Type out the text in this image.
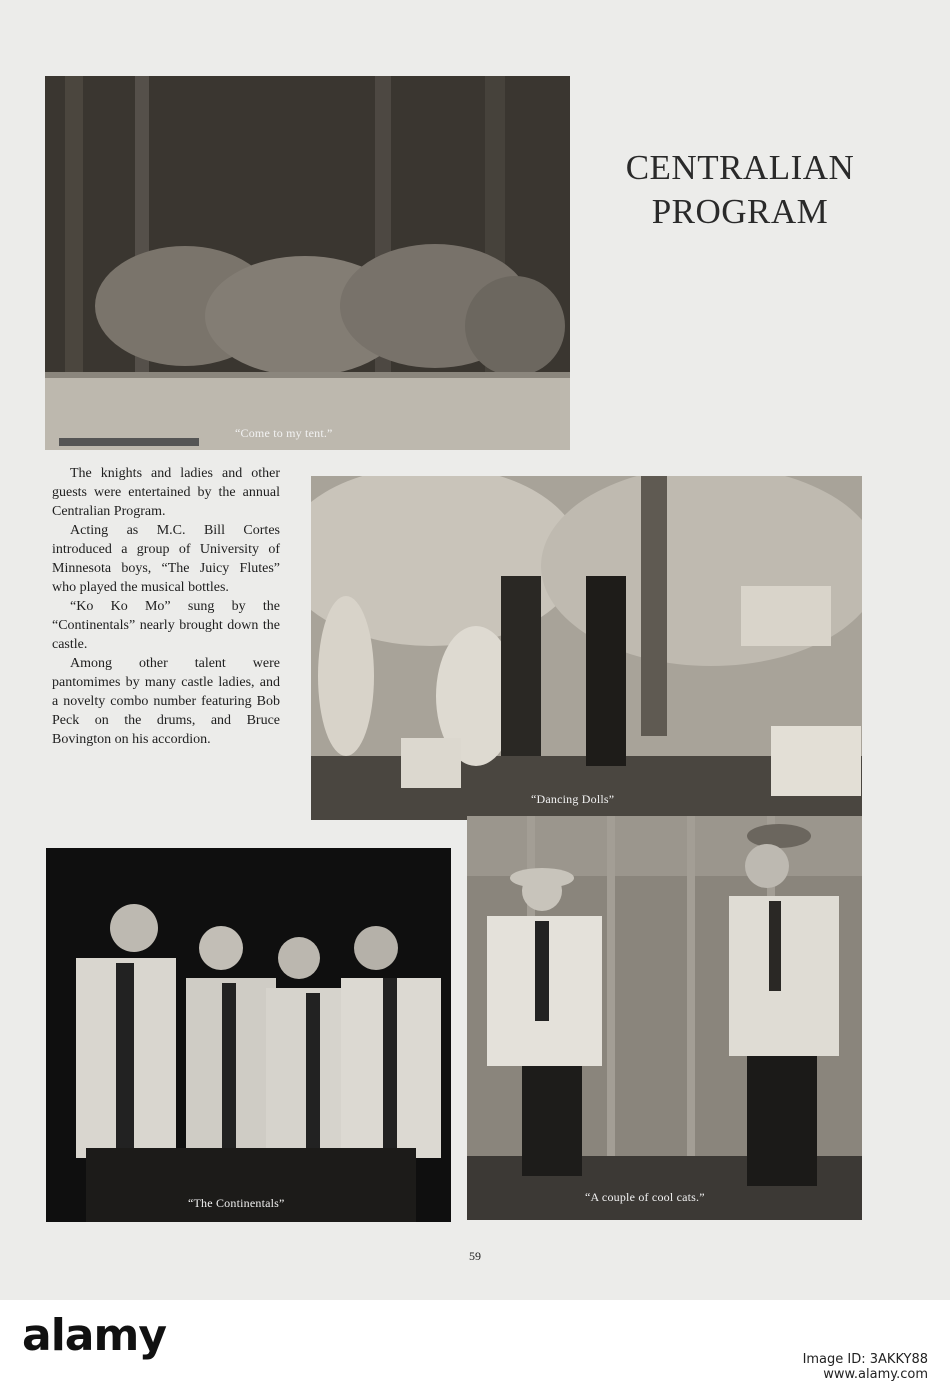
“Come to my tent.”
CENTRALIAN
PROGRAM

The knights and ladies and other guests were entertained by the annual Centralian Program.

Acting as M.C. Bill Cortes introduced a group of University of Minnesota boys, “The Juicy Flutes” who played the musical bottles.

“Ko Ko Mo” sung by the “Continentals” nearly brought down the castle.

Among other talent were pantomimes by many castle ladies, and a novelty combo number featuring Bob Peck on the drums, and Bruce Bovington on his accordion.

“Dancing Dolls”
“The Continentals”	“A couple of cool cats.”
59
alamy	Image ID: 3AKKY88
www.alamy.com
